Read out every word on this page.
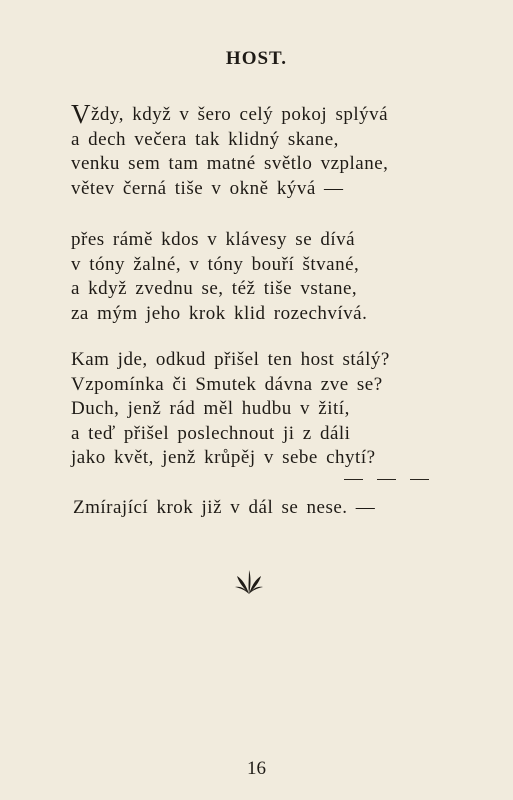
HOST.
Vždy, když v šero celý pokoj splývá
a dech večera tak klidný skane,
venku sem tam matné světlo vzplane,
větev černá tiše v okně kývá —
přes rámě kdos v klávesy se dívá
v tóny žalné, v tóny bouří štvané,
a když zvednu se, též tiše vstane,
za mým jeho krok klid rozechvívá.
Kam jde, odkud přišel ten host stálý?
Vzpomínka či Smutek dávna zve se?
Duch, jenž rád měl hudbu v žití,
a teď přišel poslechnout ji z dáli
jako květ, jenž krůpěj v sebe chytí?
Zmírající krok již v dál se nese. —
16
